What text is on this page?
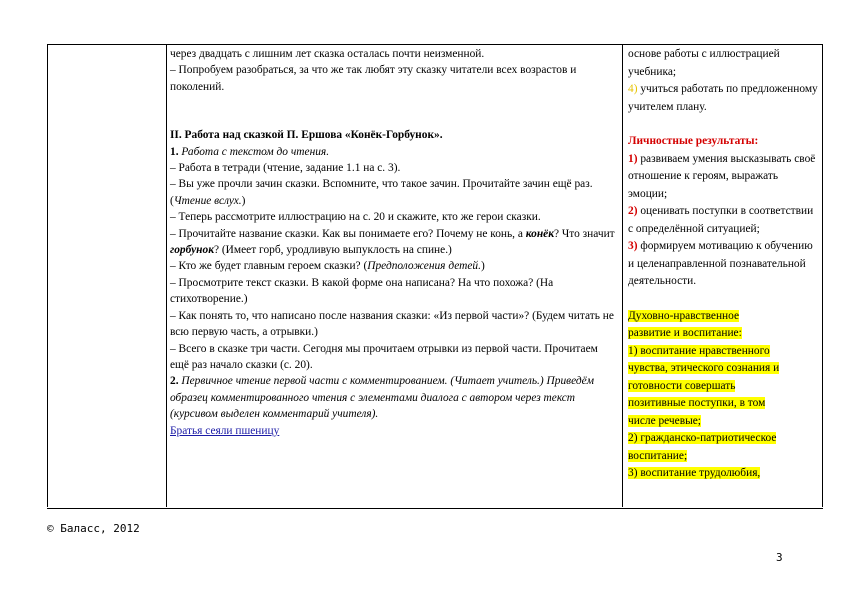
через двадцать с лишним лет сказка осталась почти неизменной.

– Попробуем разобраться, за что же так любят эту сказку читатели всех возрастов и поколений.

II. Работа над сказкой П. Ершова «Конёк-Горбунок».

1. Работа с текстом до чтения.

– Работа в тетради (чтение, задание 1.1 на с. 3).

– Вы уже прочли зачин сказки. Вспомните, что такое зачин. Прочитайте зачин ещё раз. (Чтение вслух.)

– Теперь рассмотрите иллюстрацию на с. 20 и скажите, кто же герои сказки.

– Прочитайте название сказки. Как вы понимаете его? Почему не конь, а конёк? Что значит горбунок? (Имеет горб, уродливую выпуклость на спине.)

– Кто же будет главным героем сказки? (Предположения детей.)

– Просмотрите текст сказки. В какой форме она написана? На что похожа? (На стихотворение.)

– Как понять то, что написано после названия сказки: «Из первой части»? (Будем читать не всю первую часть, а отрывки.)

– Всего в сказке три части. Сегодня мы прочитаем отрывки из первой части. Прочитаем ещё раз начало сказки (с. 20).

2. Первичное чтение первой части с комментированием. (Читает учитель.) Приведём образец комментированного чтения с элементами диалога с автором через текст (курсивом выделен комментарий учителя).

Братья сеяли пшеницу

основе работы с иллюстрацией учебника;

4) учиться работать по предложенному учителем плану.

Личностные результаты:

1) развиваем умения высказывать своё отношение к героям, выражать эмоции;

2) оценивать поступки в соответствии с определённой ситуацией;

3) формируем мотивацию к обучению и целенаправленной познавательной деятельности.

Духовно-нравственное

развитие и воспитание:

1) воспитание нравственного

чувства, этического сознания и

готовности совершать

позитивные поступки, в том

числе речевые;

2) гражданско-патриотическое

воспитание;

3) воспитание трудолюбия,

© Баласс, 2012
3
